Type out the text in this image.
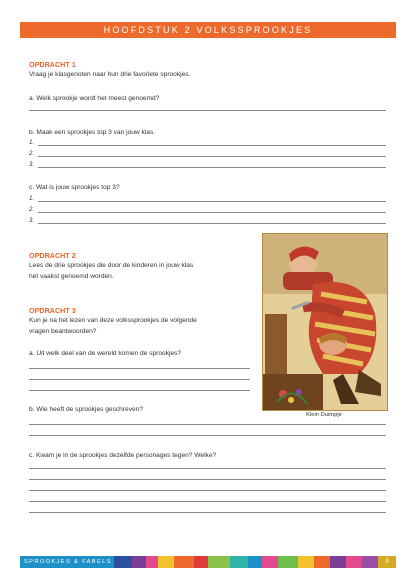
HOOFDSTUK 2 VOLKSSPROOKJES
OPDRACHT 1
Vraag je klasgenoten naar hun drie favoriete sprookjes.
a. Welk sprookje wordt het meest genoemd?
b. Maak een sprookjes top 3 van jouw klas.
1.
2.
3.
c. Wat is jouw sprookjes top 3?
1.
2.
3.
OPDRACHT 2
Lees de drie sprookjes die door de kinderen in jouw klas
het vaakst genoemd worden.
OPDRACHT 3
Kun je na het lezen van deze volkssprookjes de volgende
vragen beantwoorden?
a. Uit welk deel van de wereld komen de sprookjes?
b. Wie heeft de sprookjes geschreven?
c. Kwam je in de sprookjes dezelfde personages tegen? Welke?
Klein Duimpje
SPROOKJES & FABELS	9
